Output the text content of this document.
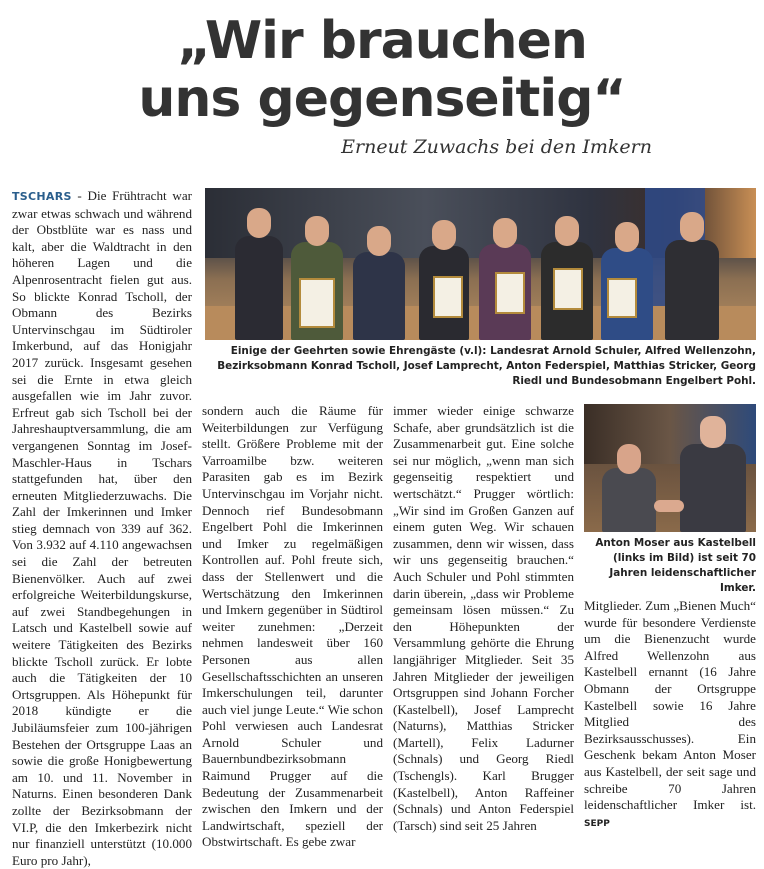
„Wir brauchen
uns gegenseitig“
Erneut Zuwachs bei den Imkern

TSCHARS - Die Frühtracht war zwar etwas schwach und während der Obstblüte war es nass und kalt, aber die Waldtracht in den höheren Lagen und die Alpenrosentracht fielen gut aus. So blickte Konrad Tscholl, der Obmann des Bezirks Untervinschgau im Südtiroler Imkerbund, auf das Honigjahr 2017 zurück. Insgesamt gesehen sei die Ernte in etwa gleich ausgefallen wie im Jahr zuvor. Erfreut gab sich Tscholl bei der Jahreshauptversammlung, die am vergangenen Sonntag im Josef-Maschler-Haus in Tschars stattgefunden hat, über den erneuten Mitgliederzuwachs. Die Zahl der Imkerinnen und Imker stieg demnach von 339 auf 362. Von 3.932 auf 4.110 angewachsen sei die Zahl der betreuten Bienenvölker. Auch auf zwei erfolgreiche Weiterbildungskurse, auf zwei Standbegehungen in Latsch und Kastelbell sowie auf weitere Tätigkeiten des Bezirks blickte Tscholl zurück. Er lobte auch die Tätigkeiten der 10 Ortsgruppen. Als Höhepunkt für 2018 kündigte er die Jubiläumsfeier zum 100-jährigen Bestehen der Ortsgruppe Laas an sowie die große Honigbewertung am 10. und 11. November in Naturns. Einen besonderen Dank zollte der Bezirksobmann der VI.P, die den Imkerbezirk nicht nur finanziell unterstützt (10.000 Euro pro Jahr),

Einige der Geehrten sowie Ehrengäste (v.l): Landesrat Arnold Schuler, Alfred Wellenzohn, Bezirksobmann Konrad Tscholl, Josef Lamprecht, Anton Federspiel, Matthias Stricker, Georg Riedl und Bundesobmann Engelbert Pohl.

sondern auch die Räume für Weiterbildungen zur Verfügung stellt. Größere Probleme mit der Varroamilbe bzw. weiteren Parasiten gab es im Bezirk Untervinschgau im Vorjahr nicht. Dennoch rief Bundesobmann Engelbert Pohl die Imkerinnen und Imker zu regelmäßigen Kontrollen auf. Pohl freute sich, dass der Stellenwert und die Wertschätzung den Imkerinnen und Imkern gegenüber in Südtirol weiter zunehmen: „Derzeit nehmen landesweit über 160 Personen aus allen Gesellschaftsschichten an unseren Imkerschulungen teil, darunter auch viel junge Leute.“ Wie schon Pohl verwiesen auch Landesrat Arnold Schuler und Bauernbundbezirksobmann Raimund Prugger auf die Bedeutung der Zusammenarbeit zwischen den Imkern und der Landwirtschaft, speziell der Obstwirtschaft. Es gebe zwar

immer wieder einige schwarze Schafe, aber grundsätzlich ist die Zusammenarbeit gut. Eine solche sei nur möglich, „wenn man sich gegenseitig respektiert und wertschätzt.“ Prugger wörtlich: „Wir sind im Großen Ganzen auf einem guten Weg. Wir schauen zusammen, denn wir wissen, dass wir uns gegenseitig brauchen.“ Auch Schuler und Pohl stimmten darin überein, „dass wir Probleme gemeinsam lösen müssen.“ Zu den Höhepunkten der Versammlung gehörte die Ehrung langjähriger Mitglieder. Seit 35 Jahren Mitglieder der jeweiligen Ortsgruppen sind Johann Forcher (Kastelbell), Josef Lamprecht (Naturns), Matthias Stricker (Martell), Felix Ladurner (Schnals) und Georg Riedl (Tschengls). Karl Brugger (Kastelbell), Anton Raffeiner (Schnals) und Anton Federspiel (Tarsch) sind seit 25 Jahren

Anton Moser aus Kastelbell (links im Bild) ist seit 70 Jahren leidenschaftlicher Imker.

Mitglieder. Zum „Bienen Much“ wurde für besondere Verdienste um die Bienenzucht wurde Alfred Wellenzohn aus Kastelbell ernannt (16 Jahre Obmann der Ortsgruppe Kastelbell sowie 16 Jahre Mitglied des Bezirksausschusses). Ein Geschenk bekam Anton Moser aus Kastelbell, der seit sage und schreibe 70 Jahren leidenschaftlicher Imker ist. SEPP
